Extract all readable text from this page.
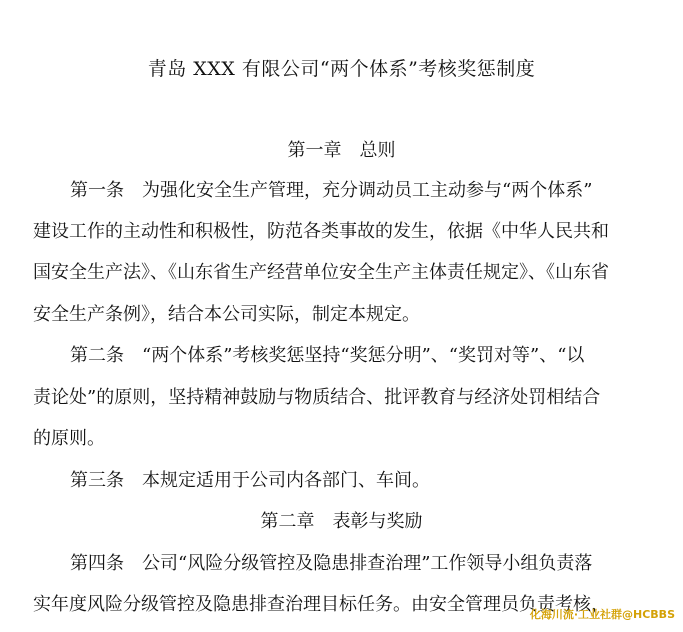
青岛 XXX 有限公司“两个体系”考核奖惩制度
第一章 总则
第一条　为强化安全生产管理，充分调动员工主动参与“两个体系”
建设工作的主动性和积极性，防范各类事故的发生，依据《中华人民共和
国安全生产法》、《山东省生产经营单位安全生产主体责任规定》、《山东省
安全生产条例》，结合本公司实际，制定本规定。
第二条　“两个体系”考核奖惩坚持“奖惩分明”、“奖罚对等”、“以
责论处”的原则，坚持精神鼓励与物质结合、批评教育与经济处罚相结合
的原则。
第三条　本规定适用于公司内各部门、车间。
第二章 表彰与奖励
第四条　公司“风险分级管控及隐患排查治理”工作领导小组负责落
实年度风险分级管控及隐患排查治理目标任务。由安全管理员负责考核，
化海川流·工业社群@HCBBS
